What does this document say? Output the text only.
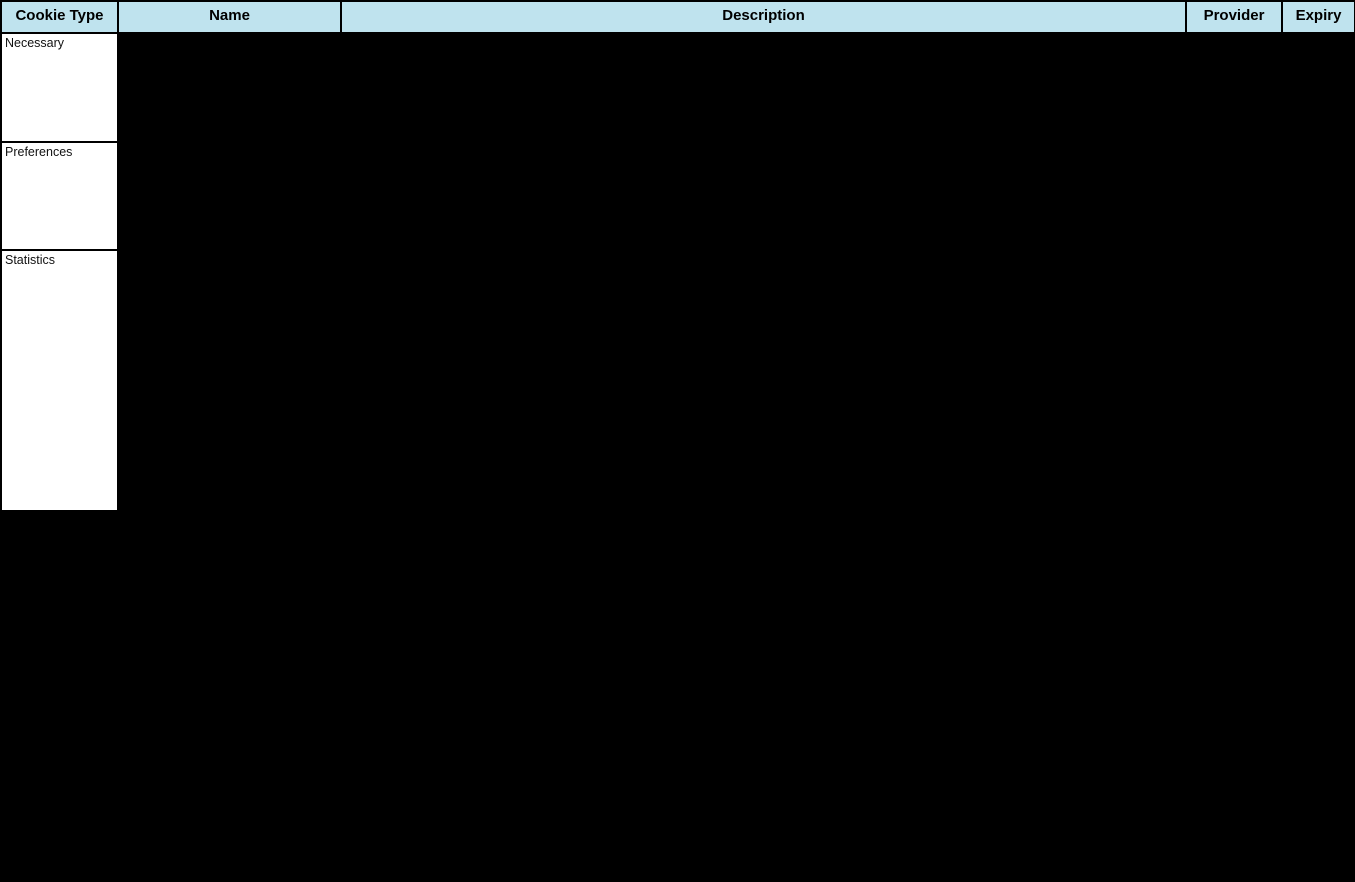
Cookie Type	Name	Description	Provider	Expiry
Necessary
Preferences
Statistics
